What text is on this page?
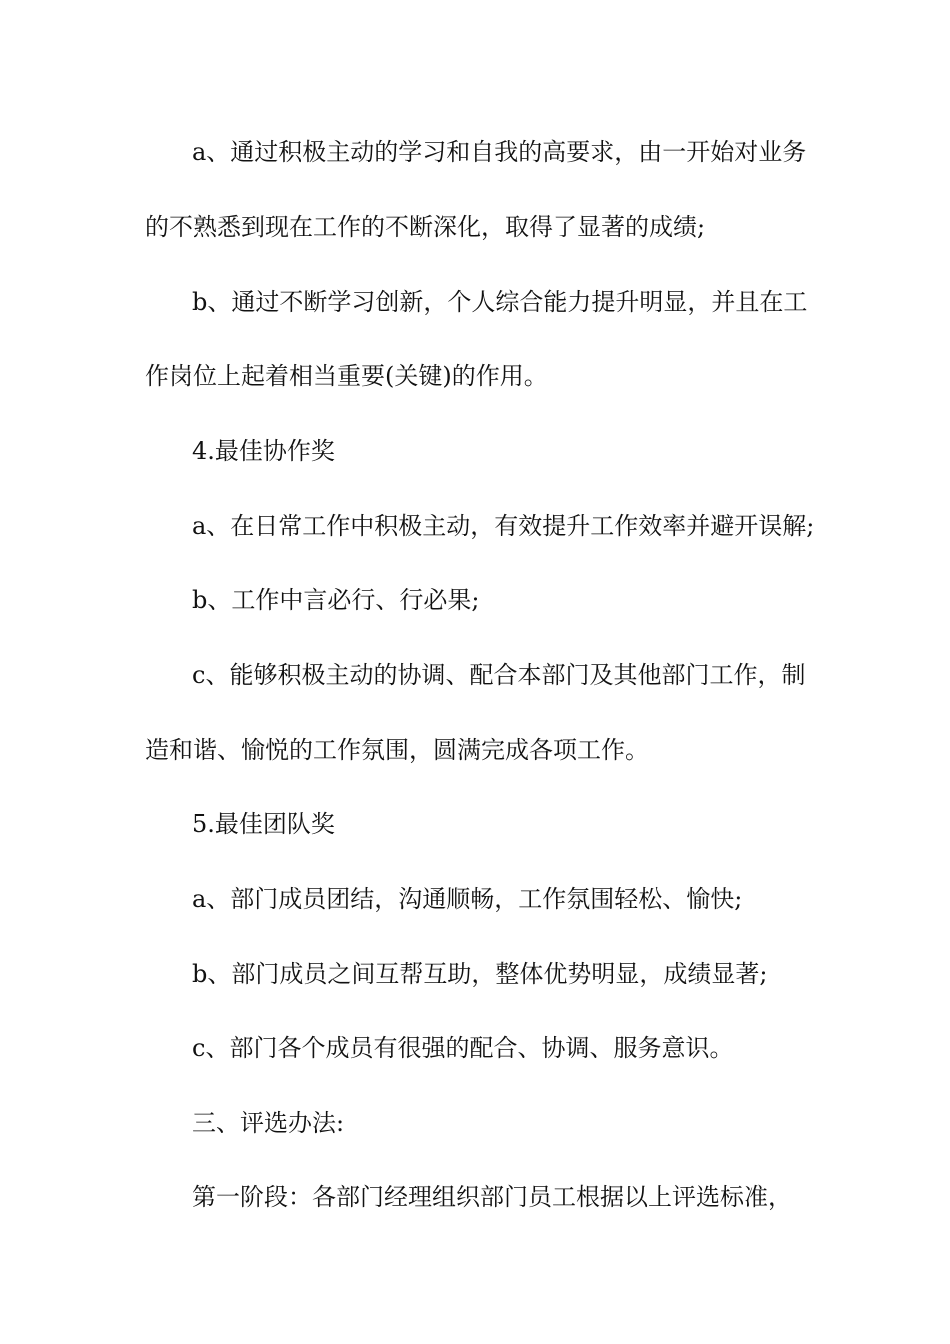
a、通过积极主动的学习和自我的高要求，由一开始对业务
的不熟悉到现在工作的不断深化，取得了显著的成绩;
b、通过不断学习创新，个人综合能力提升明显，并且在工
作岗位上起着相当重要(关键)的作用。
4.最佳协作奖
a、在日常工作中积极主动，有效提升工作效率并避开误解;
b、工作中言必行、行必果;
c、能够积极主动的协调、配合本部门及其他部门工作，制
造和谐、愉悦的工作氛围，圆满完成各项工作。
5.最佳团队奖
a、部门成员团结，沟通顺畅，工作氛围轻松、愉快;
b、部门成员之间互帮互助，整体优势明显，成绩显著;
c、部门各个成员有很强的配合、协调、服务意识。
三、评选办法:
第一阶段：各部门经理组织部门员工根据以上评选标准，
